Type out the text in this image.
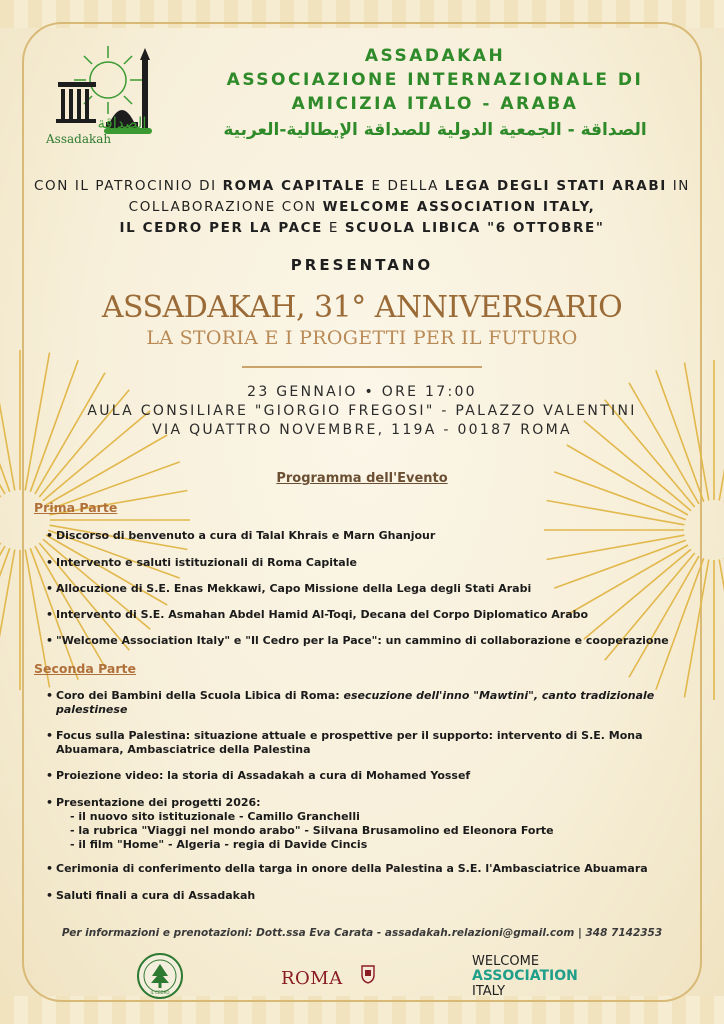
الصداقة
Assadakah
ASSADAKAH
ASSOCIAZIONE INTERNAZIONALE DI
AMICIZIA ITALO - ARABA
الصداقة - الجمعية الدولية للصداقة الإيطالية-العربية
CON IL PATROCINIO DI ROMA CAPITALE E DELLA LEGA DEGLI STATI ARABI IN COLLABORAZIONE CON WELCOME ASSOCIATION ITALY,
IL CEDRO PER LA PACE E SCUOLA LIBICA "6 OTTOBRE"
PRESENTANO
ASSADAKAH, 31° ANNIVERSARIO
LA STORIA E I PROGETTI PER IL FUTURO
23 GENNAIO • ORE 17:00
AULA CONSILIARE "GIORGIO FREGOSI" - PALAZZO VALENTINI
VIA QUATTRO NOVEMBRE, 119A - 00187 ROMA
Programma dell'Evento
Prima Parte
• Discorso di benvenuto a cura di Talal Khrais e Marn Ghanjour
• Intervento e saluti istituzionali di Roma Capitale
• Allocuzione di S.E. Enas Mekkawi, Capo Missione della Lega degli Stati Arabi
• Intervento di S.E. Asmahan Abdel Hamid Al-Toqi, Decana del Corpo Diplomatico Arabo
• "Welcome Association Italy" e "Il Cedro per la Pace": un cammino di collaborazione e cooperazione
Seconda Parte
• Coro dei Bambini della Scuola Libica di Roma: esecuzione dell'inno "Mawtini", canto tradizionale palestinese
• Focus sulla Palestina: situazione attuale e prospettive per il supporto: intervento di S.E. Mona Abuamara, Ambasciatrice della Palestina
• Proiezione video: la storia di Assadakah a cura di Mohamed Yossef
• Presentazione dei progetti 2026:
- il nuovo sito istituzionale - Camillo Granchelli
- la rubrica "Viaggi nel mondo arabo" - Silvana Brusamolino ed Eleonora Forte
- il film "Home" - Algeria - regia di Davide Cincis
• Cerimonia di conferimento della targa in onore della Palestina a S.E. l'Ambasciatrice Abuamara
• Saluti finali a cura di Assadakah
Per informazioni e prenotazioni: Dott.ssa Eva Carata - assadakah.relazioni@gmail.com | 348 7142353
IL CEDRO
ROMA
WELCOME
ASSOCIATION
ITALY
